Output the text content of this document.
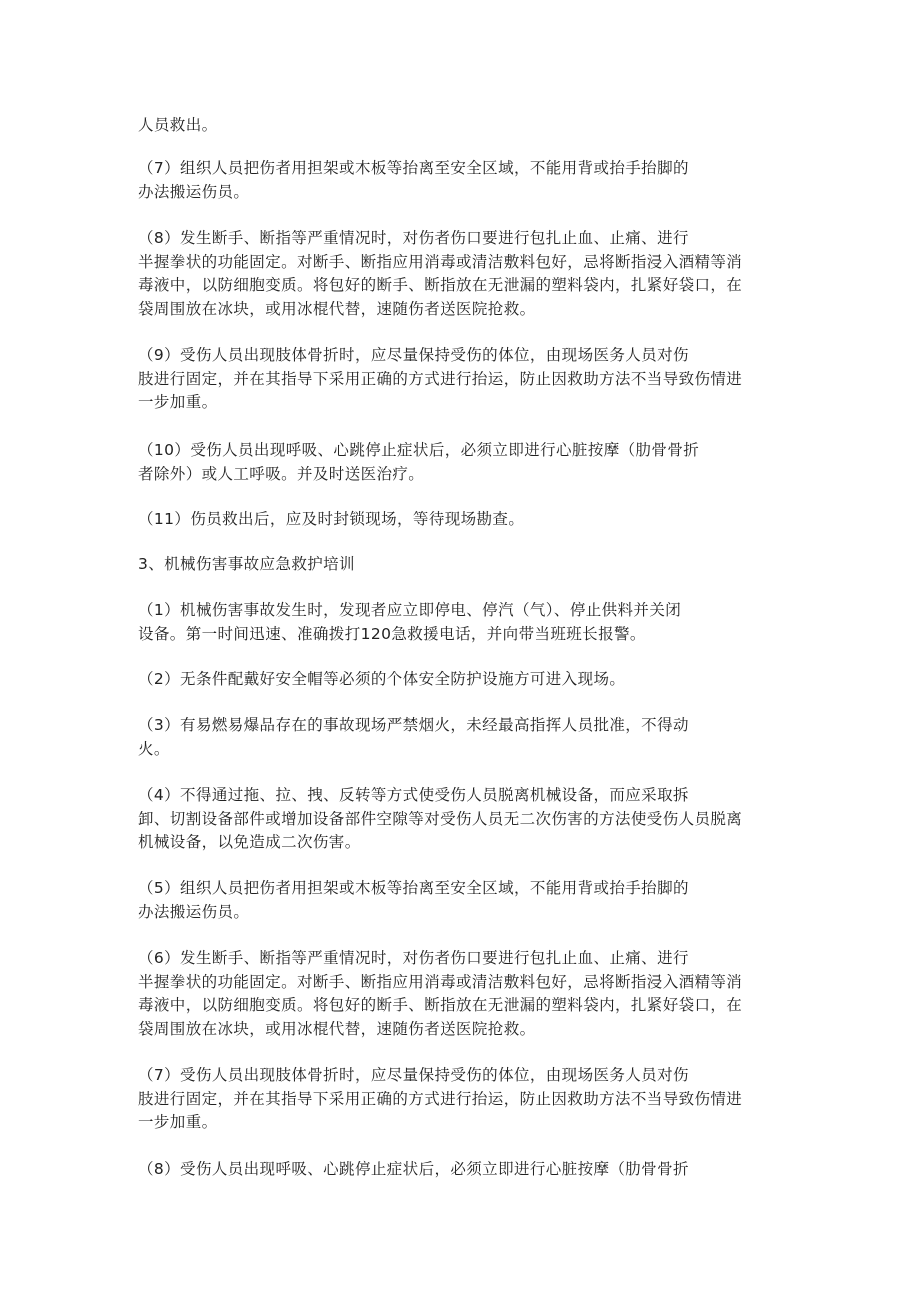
人员救出。

（7）组织人员把伤者用担架或木板等抬离至安全区域，不能用背或抬手抬脚的
办法搬运伤员。

（8）发生断手、断指等严重情况时，对伤者伤口要进行包扎止血、止痛、进行
半握拳状的功能固定。对断手、断指应用消毒或清洁敷料包好，忌将断指浸入酒精等消
毒液中，以防细胞变质。将包好的断手、断指放在无泄漏的塑料袋内，扎紧好袋口，在
袋周围放在冰块，或用冰棍代替，速随伤者送医院抢救。

（9）受伤人员出现肢体骨折时，应尽量保持受伤的体位，由现场医务人员对伤
肢进行固定，并在其指导下采用正确的方式进行抬运，防止因救助方法不当导致伤情进
一步加重。

（10）受伤人员出现呼吸、心跳停止症状后，必须立即进行心脏按摩（肋骨骨折
者除外）或人工呼吸。并及时送医治疗。

（11）伤员救出后，应及时封锁现场，等待现场勘查。

3、机械伤害事故应急救护培训

（1）机械伤害事故发生时，发现者应立即停电、停汽（气）、停止供料并关闭
设备。第一时间迅速、准确拨打120急救援电话，并向带当班班长报警。

（2）无条件配戴好安全帽等必须的个体安全防护设施方可进入现场。

（3）有易燃易爆品存在的事故现场严禁烟火，未经最高指挥人员批准，不得动
火。

（4）不得通过拖、拉、拽、反转等方式使受伤人员脱离机械设备，而应采取拆
卸、切割设备部件或增加设备部件空隙等对受伤人员无二次伤害的方法使受伤人员脱离
机械设备，以免造成二次伤害。

（5）组织人员把伤者用担架或木板等抬离至安全区域，不能用背或抬手抬脚的
办法搬运伤员。

（6）发生断手、断指等严重情况时，对伤者伤口要进行包扎止血、止痛、进行
半握拳状的功能固定。对断手、断指应用消毒或清洁敷料包好，忌将断指浸入酒精等消
毒液中，以防细胞变质。将包好的断手、断指放在无泄漏的塑料袋内，扎紧好袋口，在
袋周围放在冰块，或用冰棍代替，速随伤者送医院抢救。

（7）受伤人员出现肢体骨折时，应尽量保持受伤的体位，由现场医务人员对伤
肢进行固定，并在其指导下采用正确的方式进行抬运，防止因救助方法不当导致伤情进
一步加重。

（8）受伤人员出现呼吸、心跳停止症状后，必须立即进行心脏按摩（肋骨骨折
